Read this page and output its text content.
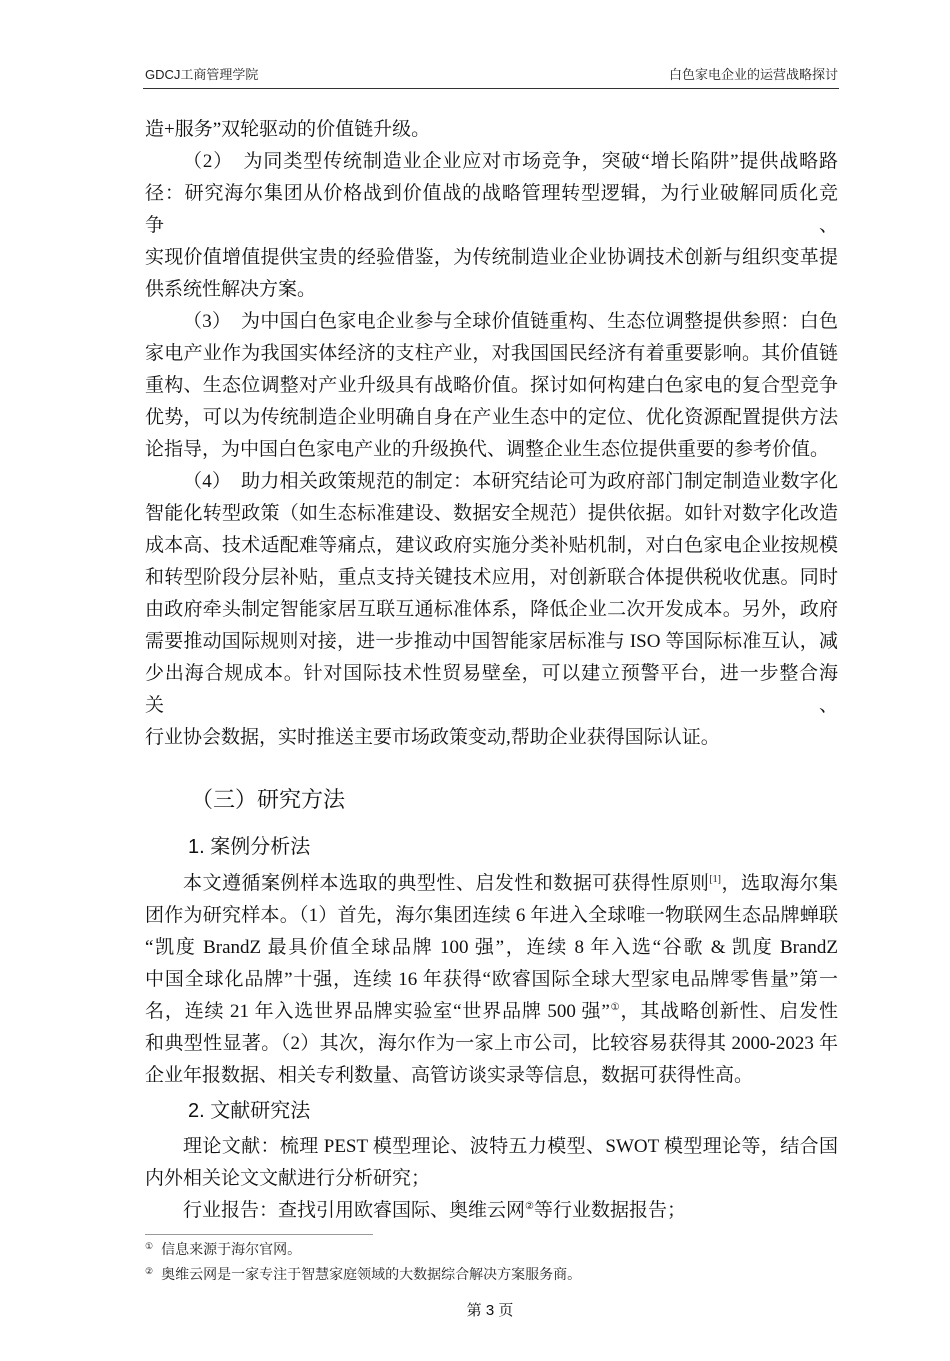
GDCJ工商管理学院	白色家电企业的运营战略探讨
造+服务”双轮驱动的价值链升级。
（2）　为同类型传统制造业企业应对市场竞争，突破“增长陷阱”提供战略路
径：研究海尔集团从价格战到价值战的战略管理转型逻辑，为行业破解同质化竞争、
实现价值增值提供宝贵的经验借鉴，为传统制造业企业协调技术创新与组织变革提
供系统性解决方案。
（3）　为中国白色家电企业参与全球价值链重构、生态位调整提供参照：白色
家电产业作为我国实体经济的支柱产业，对我国国民经济有着重要影响。其价值链
重构、生态位调整对产业升级具有战略价值。探讨如何构建白色家电的复合型竞争
优势，可以为传统制造企业明确自身在产业生态中的定位、优化资源配置提供方法
论指导，为中国白色家电产业的升级换代、调整企业生态位提供重要的参考价值。
（4）　助力相关政策规范的制定：本研究结论可为政府部门制定制造业数字化
智能化转型政策（如生态标准建设、数据安全规范）提供依据。如针对数字化改造
成本高、技术适配难等痛点，建议政府实施分类补贴机制，对白色家电企业按规模
和转型阶段分层补贴，重点支持关键技术应用，对创新联合体提供税收优惠。同时
由政府牵头制定智能家居互联互通标准体系，降低企业二次开发成本。另外，政府
需要推动国际规则对接，进一步推动中国智能家居标准与 ISO 等国际标准互认，减
少出海合规成本。针对国际技术性贸易壁垒，可以建立预警平台，进一步整合海关、
行业协会数据，实时推送主要市场政策变动,帮助企业获得国际认证。
（三）研究方法
1. 案例分析法
本文遵循案例样本选取的典型性、启发性和数据可获得性原则[1]，选取海尔集
团作为研究样本。（1）首先，海尔集团连续 6 年进入全球唯一物联网生态品牌蝉联
“凯度 BrandZ 最具价值全球品牌 100 强”，连续 8 年入选“谷歌 & 凯度 BrandZ
中国全球化品牌”十强，连续 16 年获得“欧睿国际全球大型家电品牌零售量”第一
名，连续 21 年入选世界品牌实验室“世界品牌 500 强”①，其战略创新性、启发性
和典型性显著。（2）其次，海尔作为一家上市公司，比较容易获得其 2000-2023 年
企业年报数据、相关专利数量、高管访谈实录等信息，数据可获得性高。
2. 文献研究法
理论文献：梳理 PEST 模型理论、波特五力模型、SWOT 模型理论等，结合国
内外相关论文文献进行分析研究；
行业报告：查找引用欧睿国际、奥维云网②等行业数据报告；
① 信息来源于海尔官网。
② 奥维云网是一家专注于智慧家庭领域的大数据综合解决方案服务商。
第 3 页
